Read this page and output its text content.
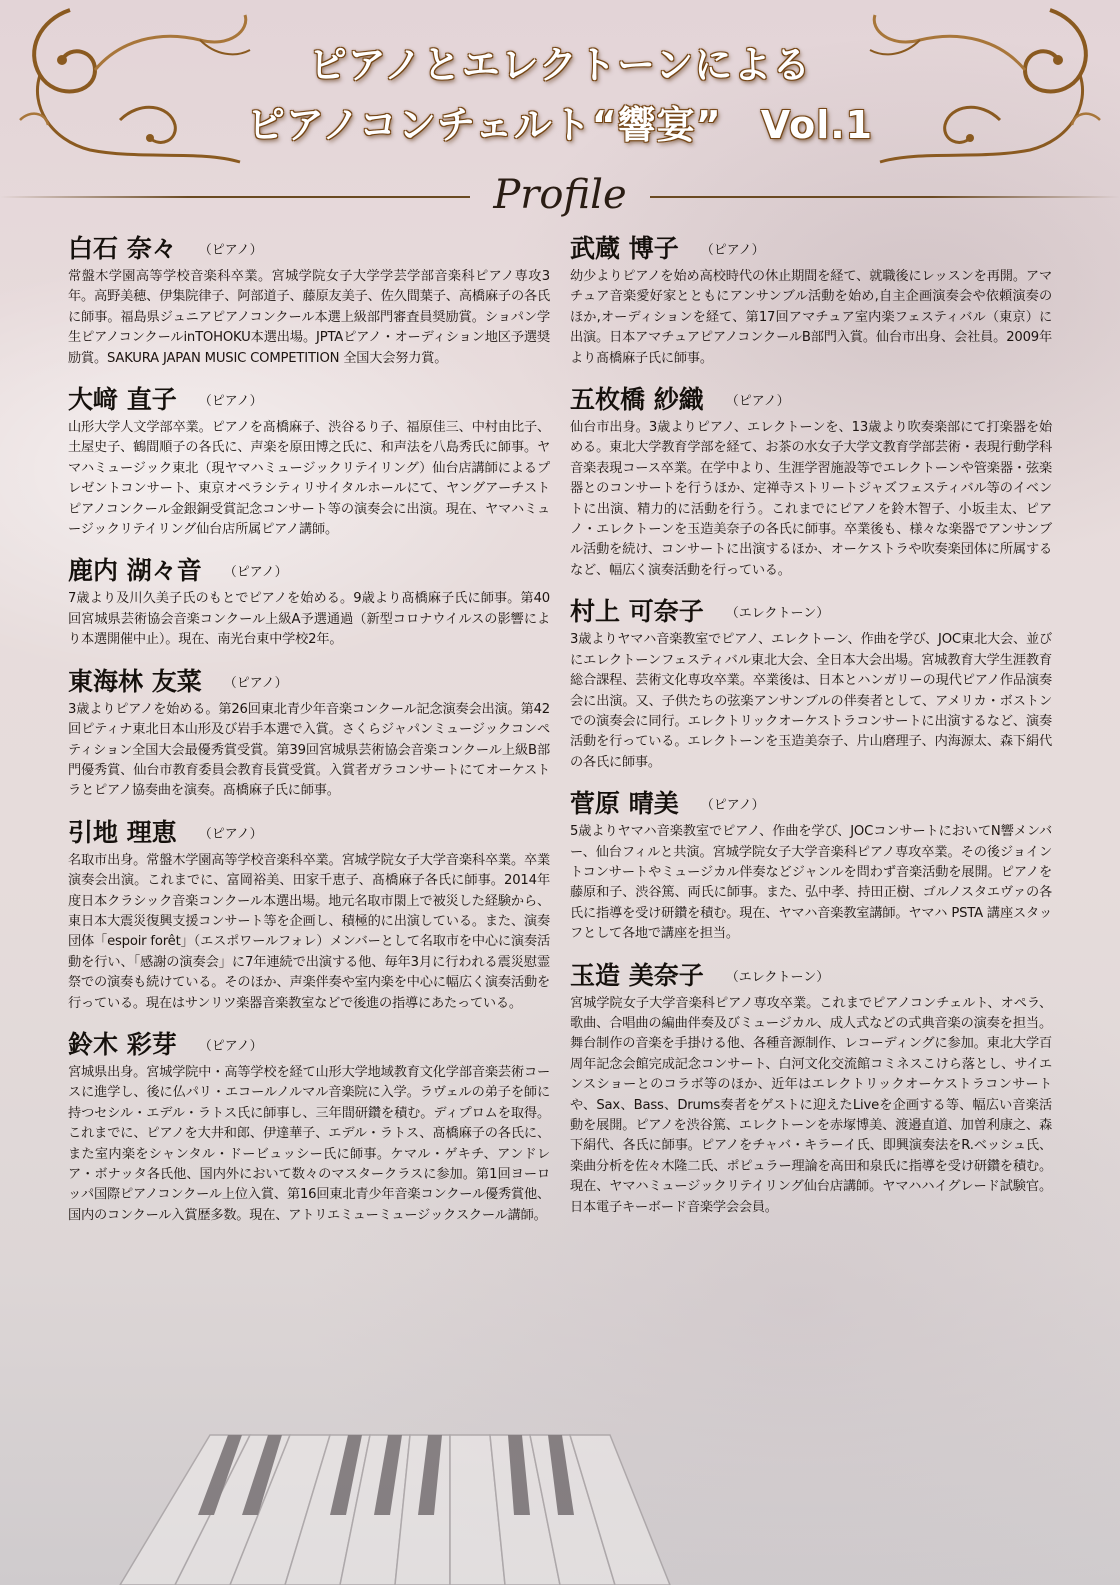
ピアノとエレクトーンによる
ピアノコンチェルト“響宴”　Vol.1
Profile
白石 奈々 （ピアノ）
常盤木学園高等学校音楽科卒業。宮城学院女子大学学芸学部音楽科ピアノ専攻3年。高野美穂、伊集院律子、阿部道子、藤原友美子、佐久間葉子、高橋麻子の各氏に師事。福島県ジュニアピアノコンクール本選上級部門審査員奨励賞。ショパン学生ピアノコンクールinTOHOKU本選出場。JPTAピアノ・オーディション地区予選奨励賞。SAKURA JAPAN MUSIC COMPETITION 全国大会努力賞。
大﨑 直子 （ピアノ）
山形大学人文学部卒業。ピアノを髙橋麻子、渋谷るり子、福原佳三、中村由比子、土屋史子、鶴間順子の各氏に、声楽を原田博之氏に、和声法を八島秀氏に師事。ヤマハミュージック東北（現ヤマハミュージックリテイリング）仙台店講師によるプレゼントコンサート、東京オペラシティリサイタルホールにて、ヤングアーチストピアノコンクール金銀銅受賞記念コンサート等の演奏会に出演。現在、ヤマハミュージックリテイリング仙台店所属ピアノ講師。
鹿内 湖々音 （ピアノ）
7歳より及川久美子氏のもとでピアノを始める。9歳より髙橋麻子氏に師事。第40回宮城県芸術協会音楽コンクール上級A予選通過（新型コロナウイルスの影響により本選開催中止）。現在、南光台東中学校2年。
東海林 友菜 （ピアノ）
3歳よりピアノを始める。第26回東北青少年音楽コンクール記念演奏会出演。第42回ピティナ東北日本山形及び岩手本選で入賞。さくらジャパンミュージックコンペティション全国大会最優秀賞受賞。第39回宮城県芸術協会音楽コンクール上級B部門優秀賞、仙台市教育委員会教育長賞受賞。入賞者ガラコンサートにてオーケストラとピアノ協奏曲を演奏。髙橋麻子氏に師事。
引地 理恵 （ピアノ）
名取市出身。常盤木学園高等学校音楽科卒業。宮城学院女子大学音楽科卒業。卒業演奏会出演。これまでに、富岡裕美、田家千恵子、髙橋麻子各氏に師事。2014年度日本クラシック音楽コンクール本選出場。地元名取市閖上で被災した経験から、東日本大震災復興支援コンサート等を企画し、積極的に出演している。また、演奏団体「espoir forêt」（エスポワールフォレ）メンバーとして名取市を中心に演奏活動を行い、「感謝の演奏会」に7年連続で出演する他、毎年3月に行われる震災慰霊祭での演奏も続けている。そのほか、声楽伴奏や室内楽を中心に幅広く演奏活動を行っている。現在はサンリツ楽器音楽教室などで後進の指導にあたっている。
鈴木 彩芽 （ピアノ）
宮城県出身。宮城学院中・高等学校を経て山形大学地域教育文化学部音楽芸術コースに進学し、後に仏パリ・エコールノルマル音楽院に入学。ラヴェルの弟子を師に持つセシル・エデル・ラトス氏に師事し、三年間研鑽を積む。ディプロムを取得。これまでに、ピアノを大井和郎、伊達華子、エデル・ラトス、髙橋麻子の各氏に、また室内楽をシャンタル・ドービュッシー氏に師事。ケマル・ゲキチ、アンドレア・ボナッタ各氏他、国内外において数々のマスタークラスに参加。第1回ヨーロッパ国際ピアノコンクール上位入賞、第16回東北青少年音楽コンクール優秀賞他、国内のコンクール入賞歴多数。現在、アトリエミューミュージックスクール講師。
武蔵 博子 （ピアノ）
幼少よりピアノを始め高校時代の休止期間を経て、就職後にレッスンを再開。アマチュア音楽愛好家とともにアンサンブル活動を始め,自主企画演奏会や依頼演奏のほか,オーディションを経て、第17回アマチュア室内楽フェスティバル（東京）に出演。日本アマチュアピアノコンクールB部門入賞。仙台市出身、会社員。2009年より髙橋麻子氏に師事。
五枚橋 紗織 （ピアノ）
仙台市出身。3歳よりピアノ、エレクトーンを、13歳より吹奏楽部にて打楽器を始める。東北大学教育学部を経て、お茶の水女子大学文教育学部芸術・表現行動学科音楽表現コース卒業。在学中より、生涯学習施設等でエレクトーンや管楽器・弦楽器とのコンサートを行うほか、定禅寺ストリートジャズフェスティバル等のイベントに出演、精力的に活動を行う。これまでにピアノを鈴木智子、小坂圭太、ピアノ・エレクトーンを玉造美奈子の各氏に師事。卒業後も、様々な楽器でアンサンブル活動を続け、コンサートに出演するほか、オーケストラや吹奏楽団体に所属するなど、幅広く演奏活動を行っている。
村上 可奈子 （エレクトーン）
3歳よりヤマハ音楽教室でピアノ、エレクトーン、作曲を学び、JOC東北大会、並びにエレクトーンフェスティバル東北大会、全日本大会出場。宮城教育大学生涯教育総合課程、芸術文化専攻卒業。卒業後は、日本とハンガリーの現代ピアノ作品演奏会に出演。又、子供たちの弦楽アンサンブルの伴奏者として、アメリカ・ボストンでの演奏会に同行。エレクトリックオーケストラコンサートに出演するなど、演奏活動を行っている。エレクトーンを玉造美奈子、片山磨理子、内海源太、森下絹代の各氏に師事。
菅原 晴美 （ピアノ）
5歳よりヤマハ音楽教室でピアノ、作曲を学び、JOCコンサートにおいてN響メンバー、仙台フィルと共演。宮城学院女子大学音楽科ピアノ専攻卒業。その後ジョイントコンサートやミュージカル伴奏などジャンルを問わず音楽活動を展開。ピアノを藤原和子、渋谷篤、両氏に師事。また、弘中孝、持田正樹、ゴルノスタエヴァの各氏に指導を受け研鑽を積む。現在、ヤマハ音楽教室講師。ヤマハ PSTA 講座スタッフとして各地で講座を担当。
玉造 美奈子 （エレクトーン）
宮城学院女子大学音楽科ピアノ専攻卒業。これまでピアノコンチェルト、オペラ、歌曲、合唱曲の編曲伴奏及びミュージカル、成人式などの式典音楽の演奏を担当。舞台制作の音楽を手掛ける他、各種音源制作、レコーディングに参加。東北大学百周年記念会館完成記念コンサート、白河文化交流館コミネスこけら落とし、サイエンスショーとのコラボ等のほか、近年はエレクトリックオーケストラコンサートや、Sax、Bass、Drums奏者をゲストに迎えたLiveを企画する等、幅広い音楽活動を展開。ピアノを渋谷篤、エレクトーンを赤塚博美、渡邉直道、加曽利康之、森下絹代、各氏に師事。ピアノをチャバ・キラーイ氏、即興演奏法をR.ベッシュ氏、楽曲分析を佐々木隆二氏、ポピュラー理論を高田和泉氏に指導を受け研鑽を積む。現在、ヤマハミュージックリテイリング仙台店講師。ヤマハハイグレード試験官。日本電子キーボード音楽学会会員。
